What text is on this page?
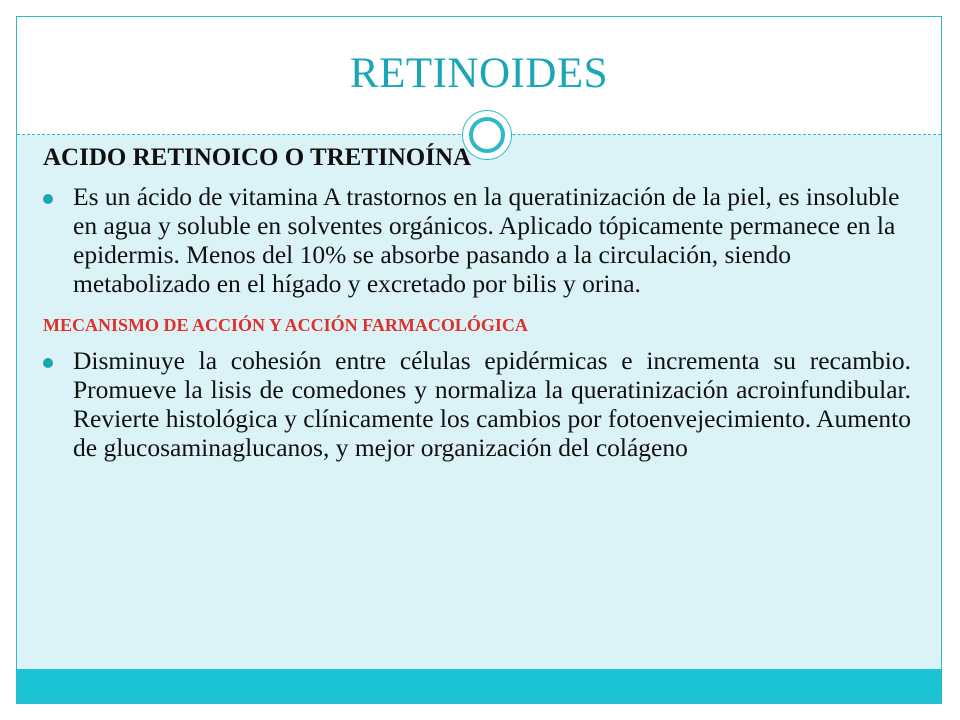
RETINOIDES
ACIDO RETINOICO O TRETINOÍNA
Es un ácido de vitamina A trastornos en la queratinización de la piel, es insoluble en agua y soluble en solventes orgánicos. Aplicado tópicamente permanece en la epidermis. Menos del 10% se absorbe pasando a la circulación, siendo metabolizado en el hígado y excretado por bilis y orina.
MECANISMO DE ACCIÓN Y ACCIÓN FARMACOLÓGICA
Disminuye la cohesión entre células epidérmicas e incrementa su recambio. Promueve la lisis de comedones y normaliza la queratinización acroinfundibular. Revierte histológica y clínicamente los cambios por fotoenvejecimiento. Aumento de glucosaminaglucanos, y mejor organización del colágeno
